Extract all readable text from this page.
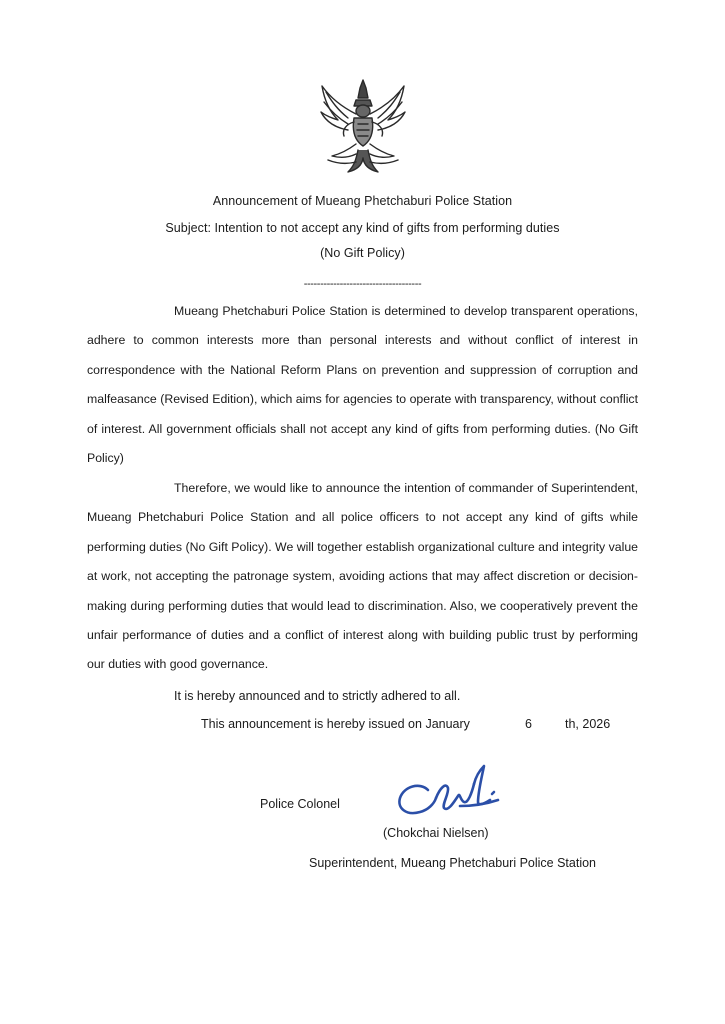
Announcement of Mueang Phetchaburi Police Station
Subject: Intention to not accept any kind of gifts from performing duties
(No Gift Policy)
------------------------------------

Mueang Phetchaburi Police Station is determined to develop transparent operations, adhere to common interests more than personal interests and without conflict of interest in correspondence with the National Reform Plans on prevention and suppression of corruption and malfeasance (Revised Edition), which aims for agencies to operate with transparency, without conflict of interest. All government officials shall not accept any kind of gifts from performing duties. (No Gift Policy)

Therefore, we would like to announce the intention of commander of Superintendent, Mueang Phetchaburi Police Station and all police officers to not accept any kind of gifts while performing duties (No Gift Policy). We will together establish organizational culture and integrity value at work, not accepting the patronage system, avoiding actions that may affect discretion or decision-making during performing duties that would lead to discrimination. Also, we cooperatively prevent the unfair performance of duties and a conflict of interest along with building public trust by performing our duties with good governance.

It is hereby announced and to strictly adhered to all.
This announcement is hereby issued on January	6	th, 2026
Police Colonel
(Chokchai Nielsen)
Superintendent, Mueang Phetchaburi Police Station
